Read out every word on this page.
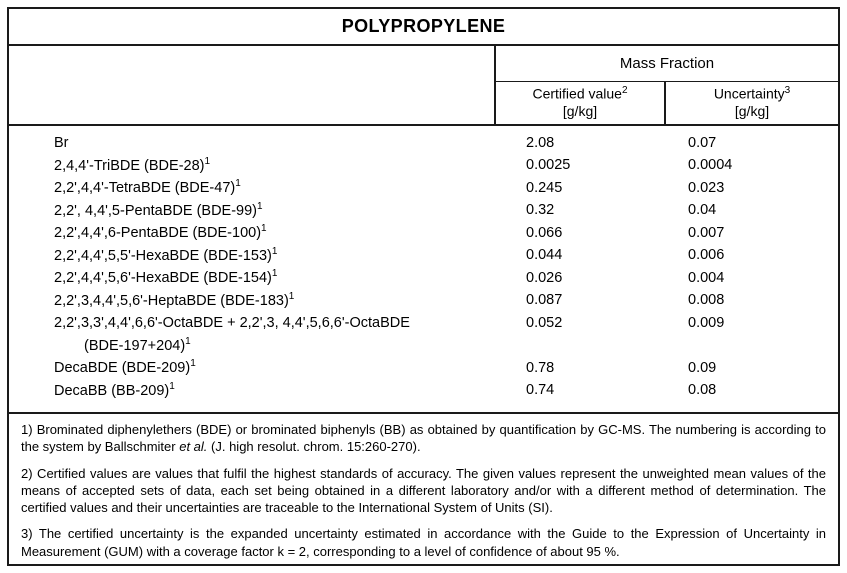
POLYPROPYLENE
Mass Fraction
Certified value$^2$
[g/kg]
Uncertainty$^3$
[g/kg]
Br	2.08	0.07
2,4,4'-TriBDE $(BDE-28)^1$	0.0025	0.0004
2,2',4,4'-TetraBDE $(BDE-47)^1$	0.245	0.023
2,2', 4,4',5-PentaBDE $(BDE-99)^1$	0.32	0.04
2,2',4,4',6-PentaBDE $(BDE-100)^1$	0.066	0.007
2,2',4,4',5,5'-HexaBDE $(BDE-153)^1$	0.044	0.006
2,2',4,4',5,6'-HexaBDE $(BDE-154)^1$	0.026	0.004
2,2',3,4,4',5,6'-HeptaBDE $(BDE-183)^1$	0.087	0.008
2,2',3,3',4,4',6,6'-OctaBDE + 2,2',3, 4,4',5,6,6'-OctaBDE	0.052	0.009
$(BDE-197+204)^1$
DecaBDE $(BDE-209)^1$	0.78	0.09
DecaBB $(BB-209)^1$	0.74	0.08
1) Brominated diphenylethers (BDE) or brominated biphenyls (BB) as obtained by quantification by GC-MS. The numbering is according to the system by Ballschmiter et al. (J. high resolut. chrom. 15:260-270).
2) Certified values are values that fulfil the highest standards of accuracy. The given values represent the unweighted mean values of the means of accepted sets of data, each set being obtained in a different laboratory and/or with a different method of determination. The certified values and their uncertainties are traceable to the International System of Units (SI).
3) The certified uncertainty is the expanded uncertainty estimated in accordance with the Guide to the Expression of Uncertainty in Measurement (GUM) with a coverage factor k = 2, corresponding to a level of confidence of about 95 %.
